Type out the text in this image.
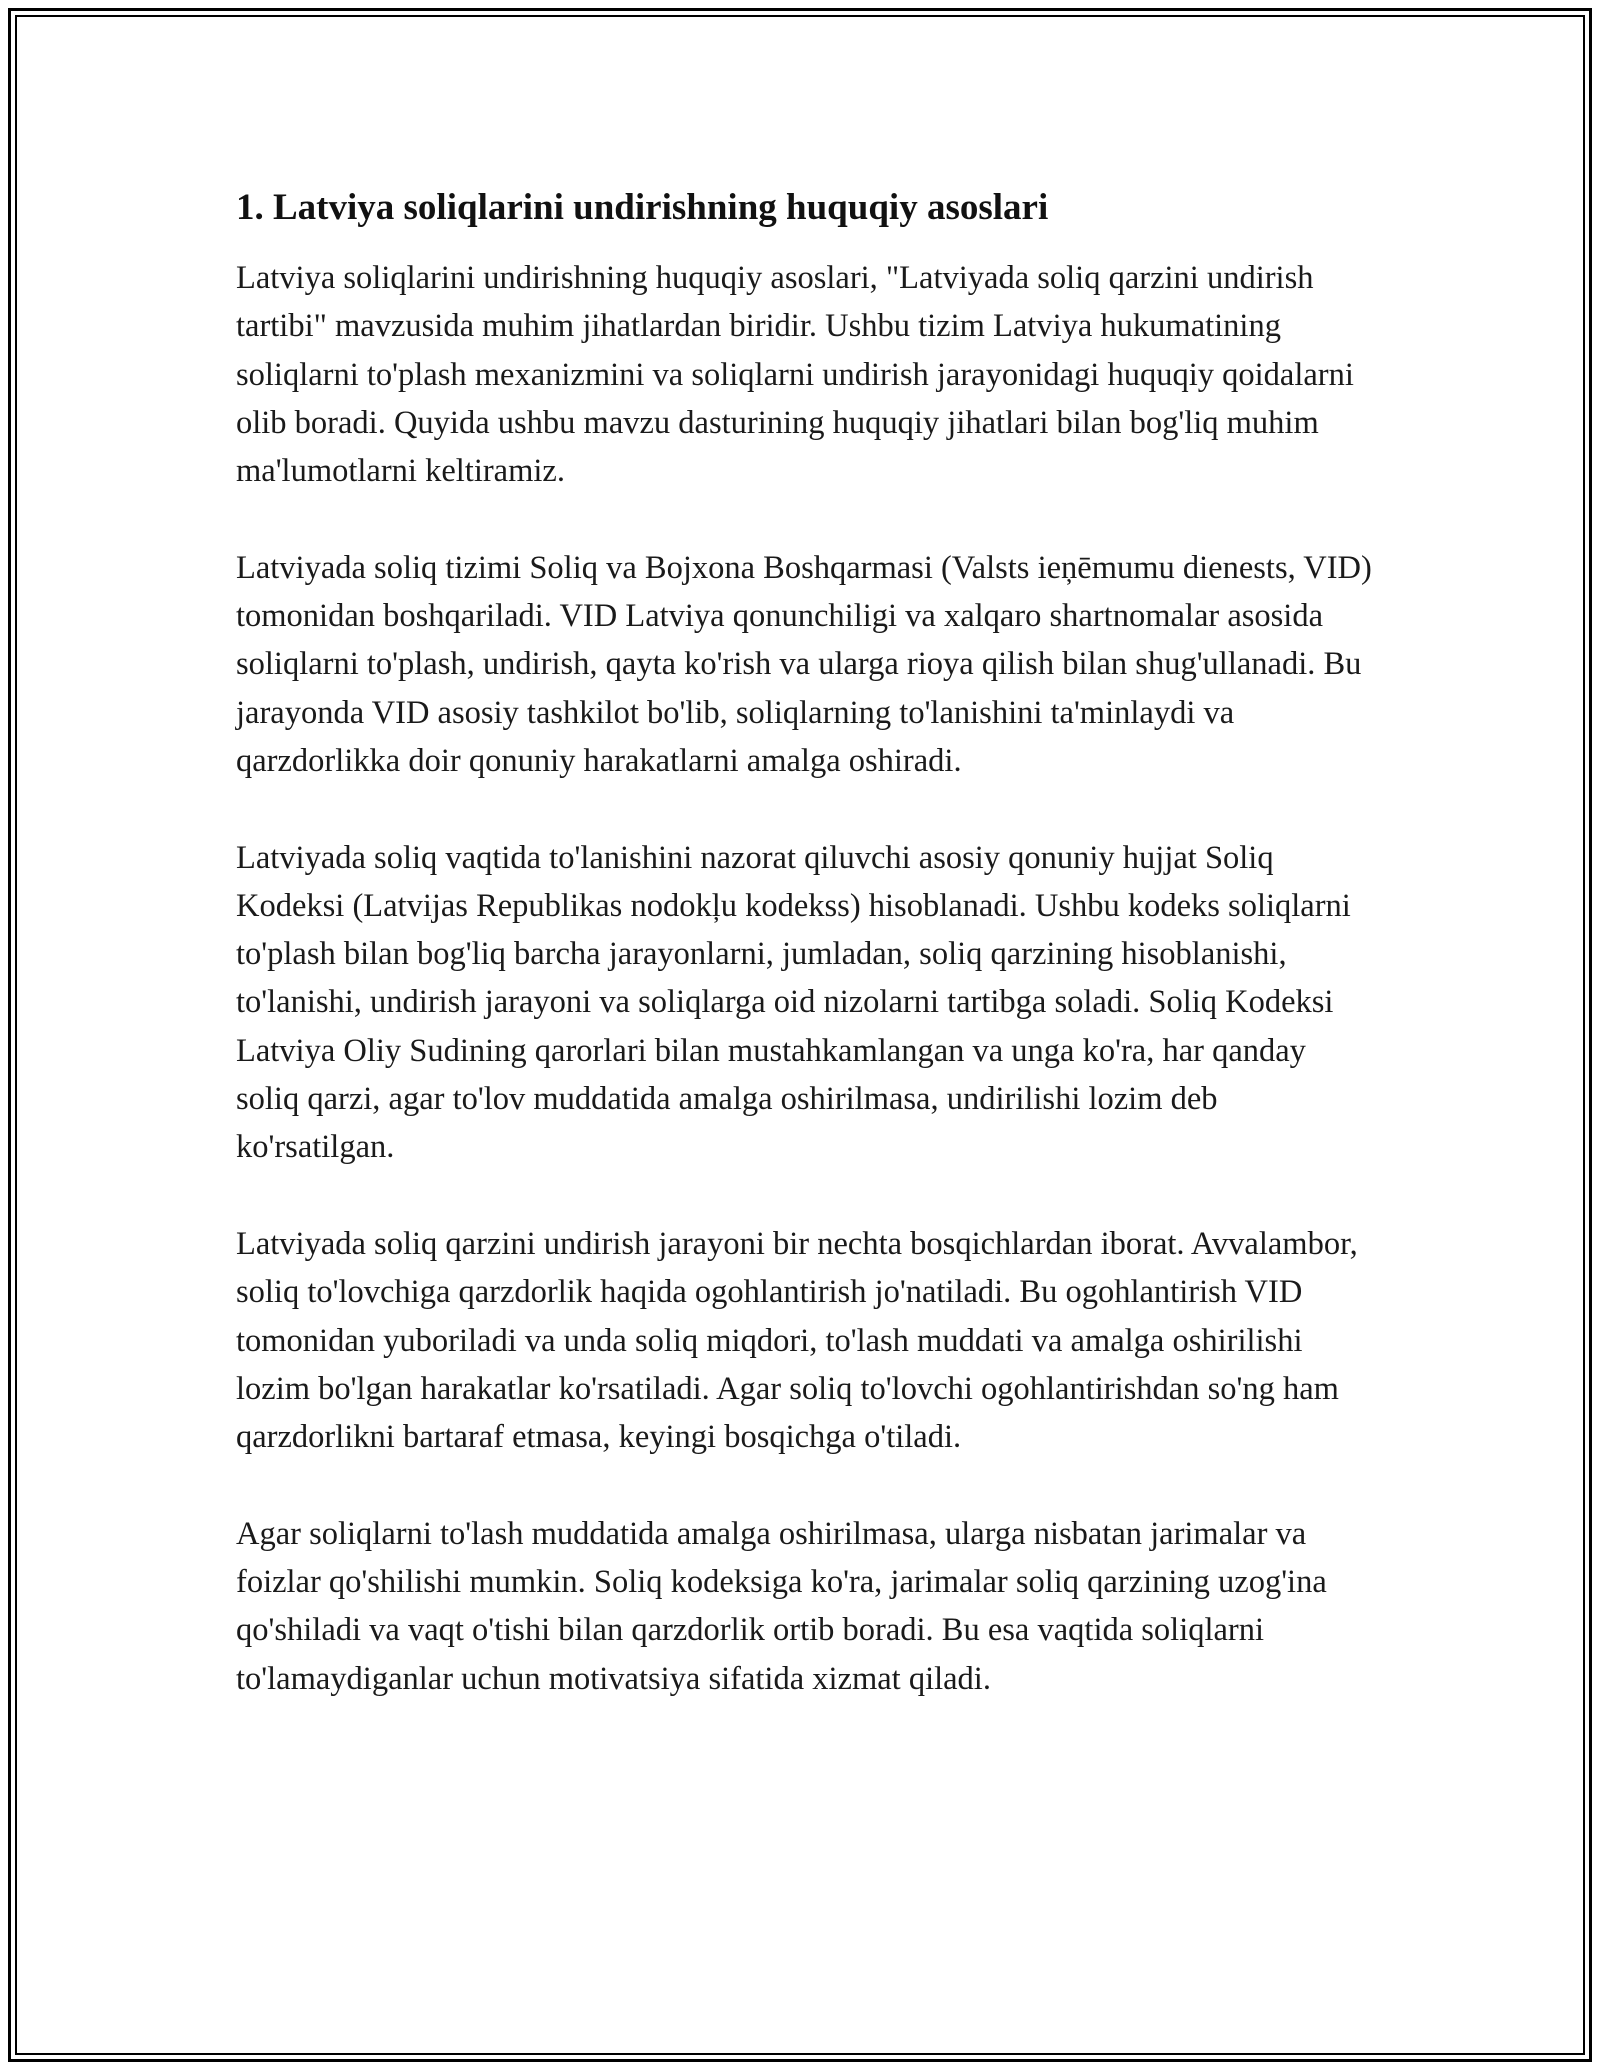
1. Latviya soliqlarini undirishning huquqiy asoslari

Latviya soliqlarini undirishning huquqiy asoslari, "Latviyada soliq qarzini undirish tartibi" mavzusida muhim jihatlardan biridir. Ushbu tizim Latviya hukumatining soliqlarni to'plash mexanizmini va soliqlarni undirish jarayonidagi huquqiy qoidalarni olib boradi. Quyida ushbu mavzu dasturining huquqiy jihatlari bilan bog'liq muhim ma'lumotlarni keltiramiz.

Latviyada soliq tizimi Soliq va Bojxona Boshqarmasi (Valsts ieņēmumu dienests, VID) tomonidan boshqariladi. VID Latviya qonunchiligi va xalqaro shartnomalar asosida soliqlarni to'plash, undirish, qayta ko'rish va ularga rioya qilish bilan shug'ullanadi. Bu jarayonda VID asosiy tashkilot bo'lib, soliqlarning to'lanishini ta'minlaydi va qarzdorlikka doir qonuniy harakatlarni amalga oshiradi.

Latviyada soliq vaqtida to'lanishini nazorat qiluvchi asosiy qonuniy hujjat Soliq Kodeksi (Latvijas Republikas nodokļu kodekss) hisoblanadi. Ushbu kodeks soliqlarni to'plash bilan bog'liq barcha jarayonlarni, jumladan, soliq qarzining hisoblanishi, to'lanishi, undirish jarayoni va soliqlarga oid nizolarni tartibga soladi. Soliq Kodeksi Latviya Oliy Sudining qarorlari bilan mustahkamlangan va unga ko'ra, har qanday soliq qarzi, agar to'lov muddatida amalga oshirilmasa, undirilishi lozim deb ko'rsatilgan.

Latviyada soliq qarzini undirish jarayoni bir nechta bosqichlardan iborat. Avvalambor, soliq to'lovchiga qarzdorlik haqida ogohlantirish jo'natiladi. Bu ogohlantirish VID tomonidan yuboriladi va unda soliq miqdori, to'lash muddati va amalga oshirilishi lozim bo'lgan harakatlar ko'rsatiladi. Agar soliq to'lovchi ogohlantirishdan so'ng ham qarzdorlikni bartaraf etmasa, keyingi bosqichga o'tiladi.

Agar soliqlarni to'lash muddatida amalga oshirilmasa, ularga nisbatan jarimalar va foizlar qo'shilishi mumkin. Soliq kodeksiga ko'ra, jarimalar soliq qarzining uzog'ina qo'shiladi va vaqt o'tishi bilan qarzdorlik ortib boradi. Bu esa vaqtida soliqlarni to'lamaydiganlar uchun motivatsiya sifatida xizmat qiladi.
